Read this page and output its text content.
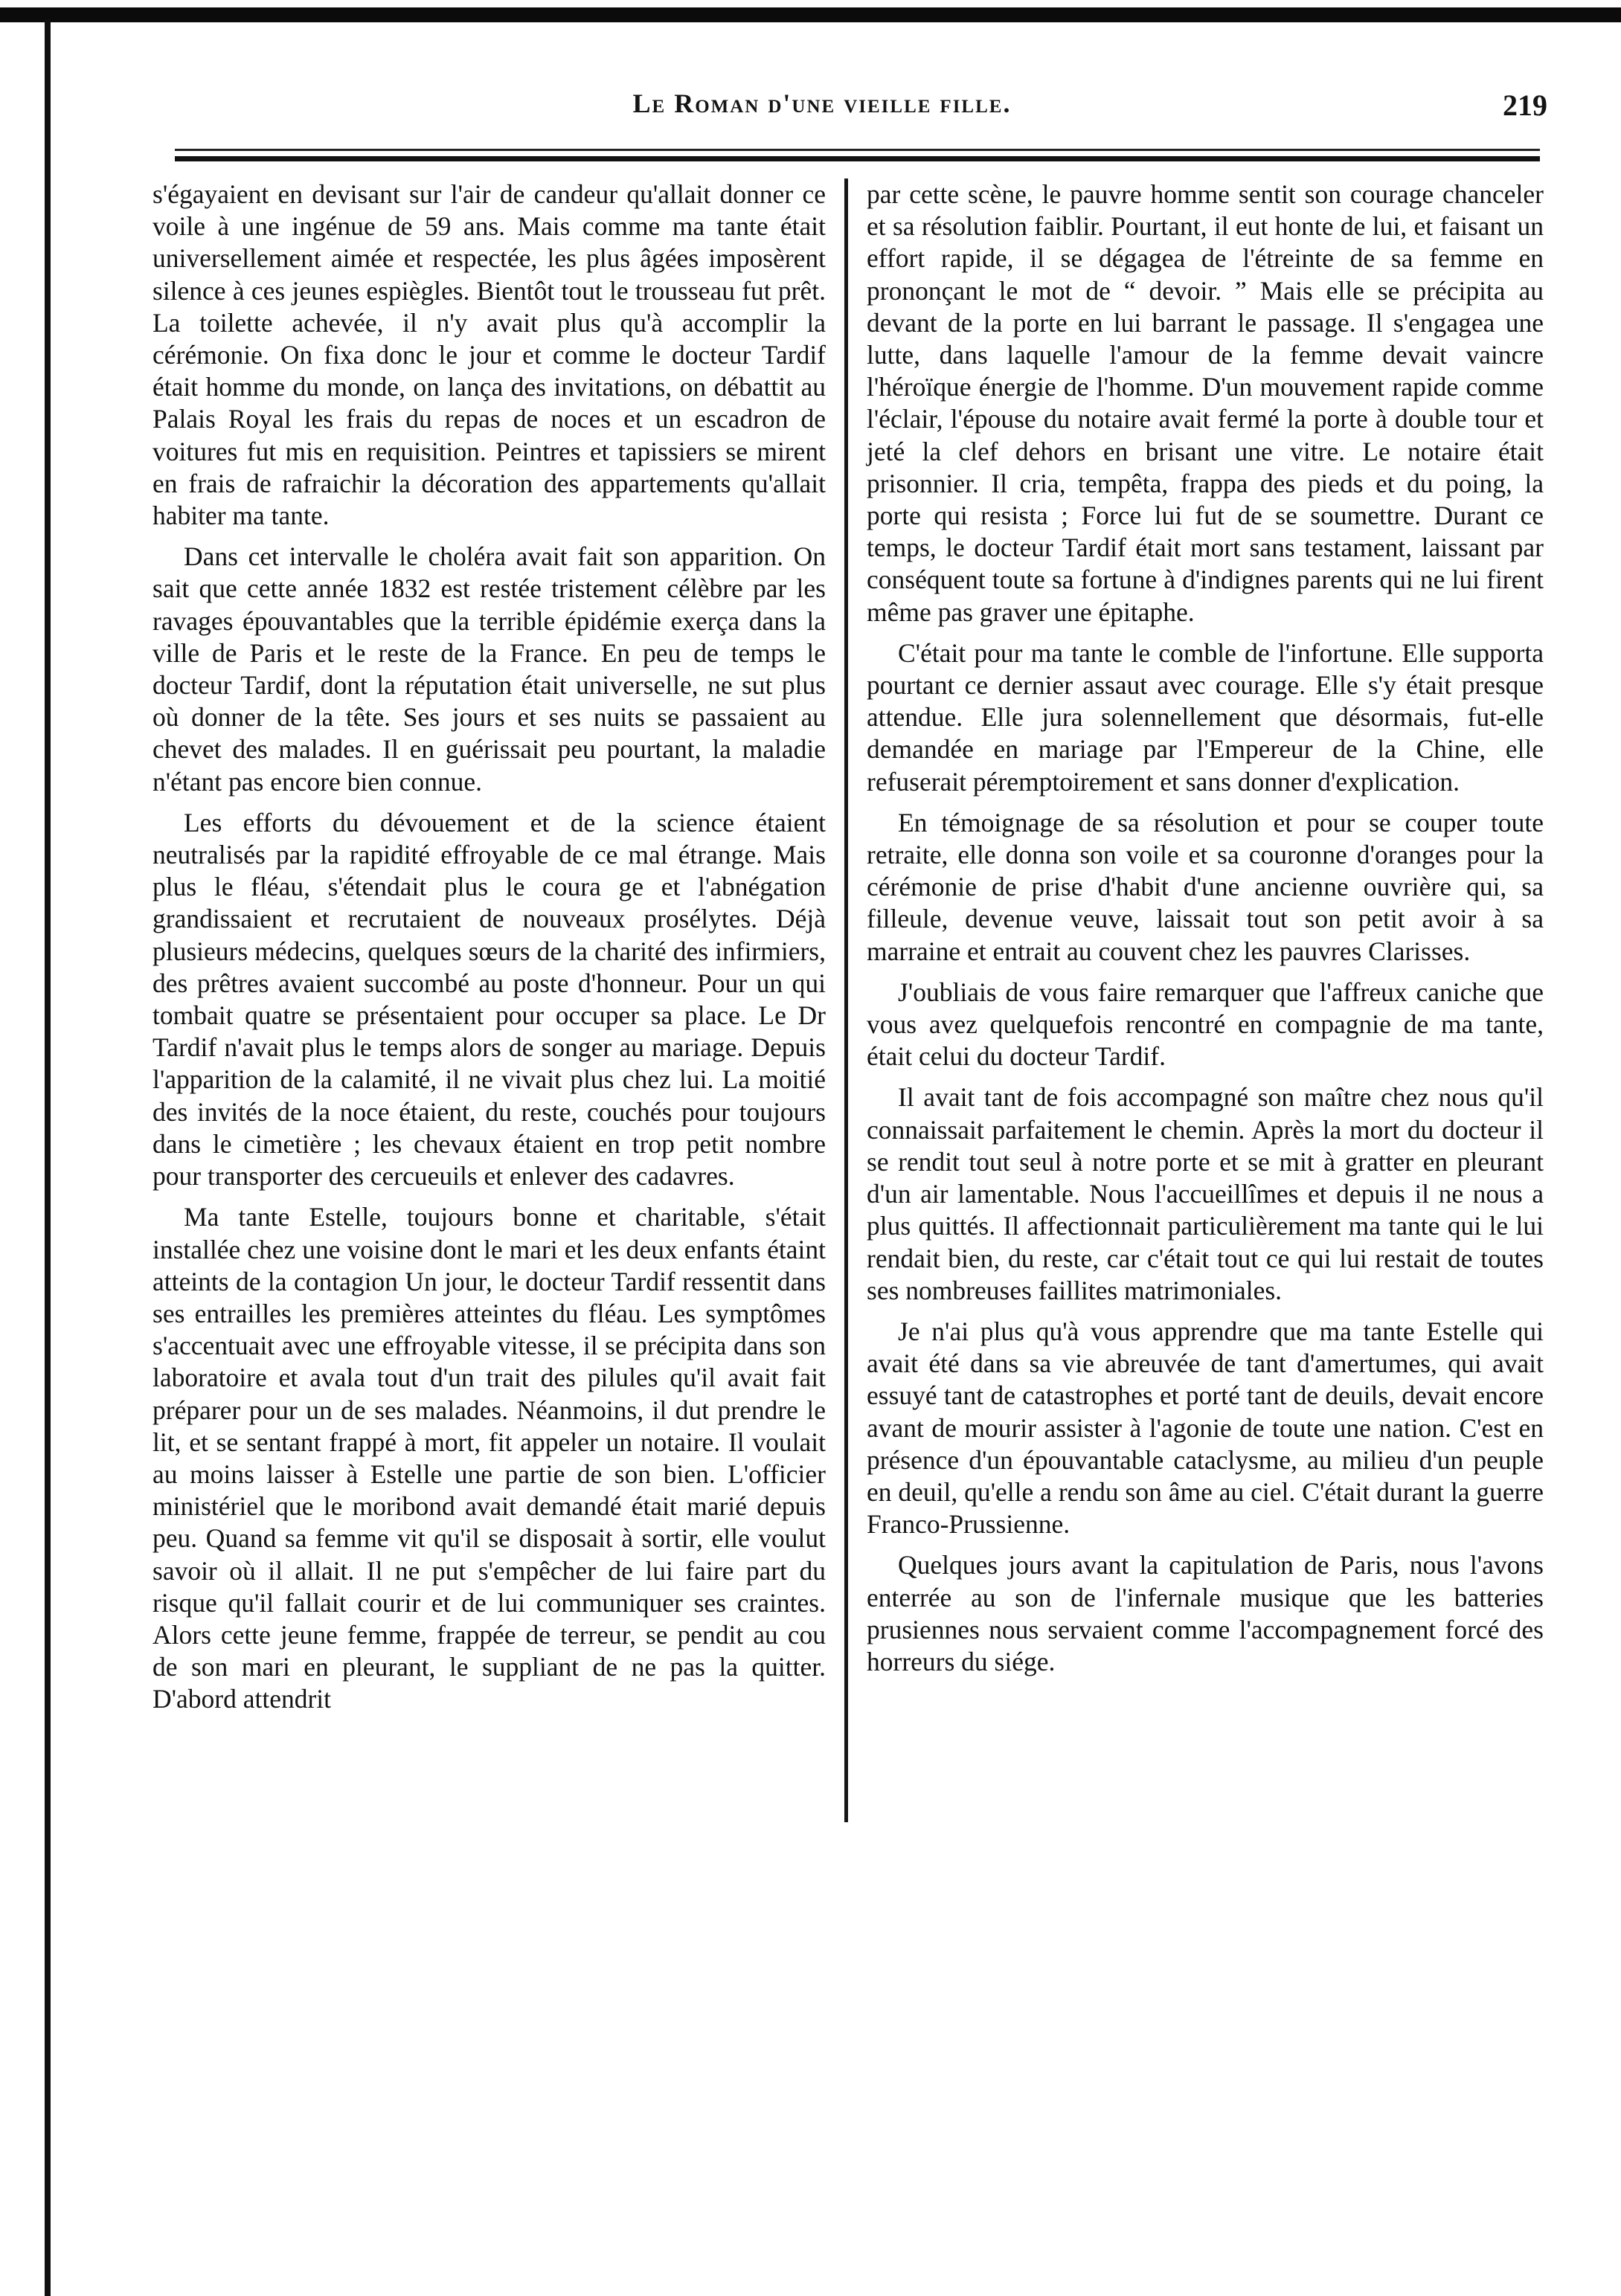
Le Roman d'une vieille fille.	219

s'égayaient en devisant sur l'air de candeur qu'allait donner ce voile à une ingénue de 59 ans. Mais comme ma tante était universellement aimée et respectée, les plus âgées imposèrent silence à ces jeunes espiègles. Bientôt tout le trousseau fut prêt. La toilette achevée, il n'y avait plus qu'à accomplir la cérémonie. On fixa donc le jour et comme le docteur Tardif était homme du monde, on lança des invitations, on débattit au Palais Royal les frais du repas de noces et un escadron de voitures fut mis en requisition. Peintres et tapissiers se mirent en frais de rafraichir la décoration des appartements qu'allait habiter ma tante.

Dans cet intervalle le choléra avait fait son apparition. On sait que cette année 1832 est restée tristement célèbre par les ravages épouvantables que la terrible épidémie exerça dans la ville de Paris et le reste de la France. En peu de temps le docteur Tardif, dont la réputation était universelle, ne sut plus où donner de la tête. Ses jours et ses nuits se passaient au chevet des malades. Il en guérissait peu pourtant, la maladie n'étant pas encore bien connue.

Les efforts du dévouement et de la science étaient neutralisés par la rapidité effroyable de ce mal étrange. Mais plus le fléau, s'étendait plus le coura ge et l'abnégation grandissaient et recrutaient de nouveaux prosélytes. Déjà plusieurs médecins, quelques sœurs de la charité des infirmiers, des prêtres avaient succombé au poste d'honneur. Pour un qui tombait quatre se présentaient pour occuper sa place. Le Dr Tardif n'avait plus le temps alors de songer au mariage. Depuis l'apparition de la calamité, il ne vivait plus chez lui. La moitié des invités de la noce étaient, du reste, couchés pour toujours dans le cimetière ; les chevaux étaient en trop petit nombre pour transporter des cercueuils et enlever des cadavres.

Ma tante Estelle, toujours bonne et charitable, s'était installée chez une voisine dont le mari et les deux enfants étaint atteints de la contagion Un jour, le docteur Tardif ressentit dans ses entrailles les premières atteintes du fléau. Les symptômes s'accentuait avec une effroyable vitesse, il se précipita dans son laboratoire et avala tout d'un trait des pilules qu'il avait fait préparer pour un de ses malades. Néanmoins, il dut prendre le lit, et se sentant frappé à mort, fit appeler un notaire. Il voulait au moins laisser à Estelle une partie de son bien. L'officier ministériel que le moribond avait demandé était marié depuis peu. Quand sa femme vit qu'il se disposait à sortir, elle voulut savoir où il allait. Il ne put s'empêcher de lui faire part du risque qu'il fallait courir et de lui communiquer ses craintes. Alors cette jeune femme, frappée de terreur, se pendit au cou de son mari en pleurant, le suppliant de ne pas la quitter. D'abord attendrit

par cette scène, le pauvre homme sentit son courage chanceler et sa résolution faiblir. Pourtant, il eut honte de lui, et faisant un effort rapide, il se dégagea de l'étreinte de sa femme en prononçant le mot de “ devoir. ” Mais elle se précipita au devant de la porte en lui barrant le passage. Il s'engagea une lutte, dans laquelle l'amour de la femme devait vaincre l'héroïque énergie de l'homme. D'un mouvement rapide comme l'éclair, l'épouse du notaire avait fermé la porte à double tour et jeté la clef dehors en brisant une vitre. Le notaire était prisonnier. Il cria, tempêta, frappa des pieds et du poing, la porte qui resista ; Force lui fut de se soumettre. Durant ce temps, le docteur Tardif était mort sans testament, laissant par conséquent toute sa fortune à d'indignes parents qui ne lui firent même pas graver une épitaphe.

C'était pour ma tante le comble de l'infortune. Elle supporta pourtant ce dernier assaut avec courage. Elle s'y était presque attendue. Elle jura solennellement que désormais, fut-elle demandée en mariage par l'Empereur de la Chine, elle refuserait péremptoirement et sans donner d'explication.

En témoignage de sa résolution et pour se couper toute retraite, elle donna son voile et sa couronne d'oranges pour la cérémonie de prise d'habit d'une ancienne ouvrière qui, sa filleule, devenue veuve, laissait tout son petit avoir à sa marraine et entrait au couvent chez les pauvres Clarisses.

J'oubliais de vous faire remarquer que l'affreux caniche que vous avez quelquefois rencontré en compagnie de ma tante, était celui du docteur Tardif.

Il avait tant de fois accompagné son maître chez nous qu'il connaissait parfaitement le chemin. Après la mort du docteur il se rendit tout seul à notre porte et se mit à gratter en pleurant d'un air lamentable. Nous l'accueillîmes et depuis il ne nous a plus quittés. Il affectionnait particulièrement ma tante qui le lui rendait bien, du reste, car c'était tout ce qui lui restait de toutes ses nombreuses faillites matrimoniales.

Je n'ai plus qu'à vous apprendre que ma tante Estelle qui avait été dans sa vie abreuvée de tant d'amertumes, qui avait essuyé tant de catastrophes et porté tant de deuils, devait encore avant de mourir assister à l'agonie de toute une nation. C'est en présence d'un épouvantable cataclysme, au milieu d'un peuple en deuil, qu'elle a rendu son âme au ciel. C'était durant la guerre Franco-Prussienne.

Quelques jours avant la capitulation de Paris, nous l'avons enterrée au son de l'infernale musique que les batteries prusiennes nous servaient comme l'accompagnement forcé des horreurs du siége.
